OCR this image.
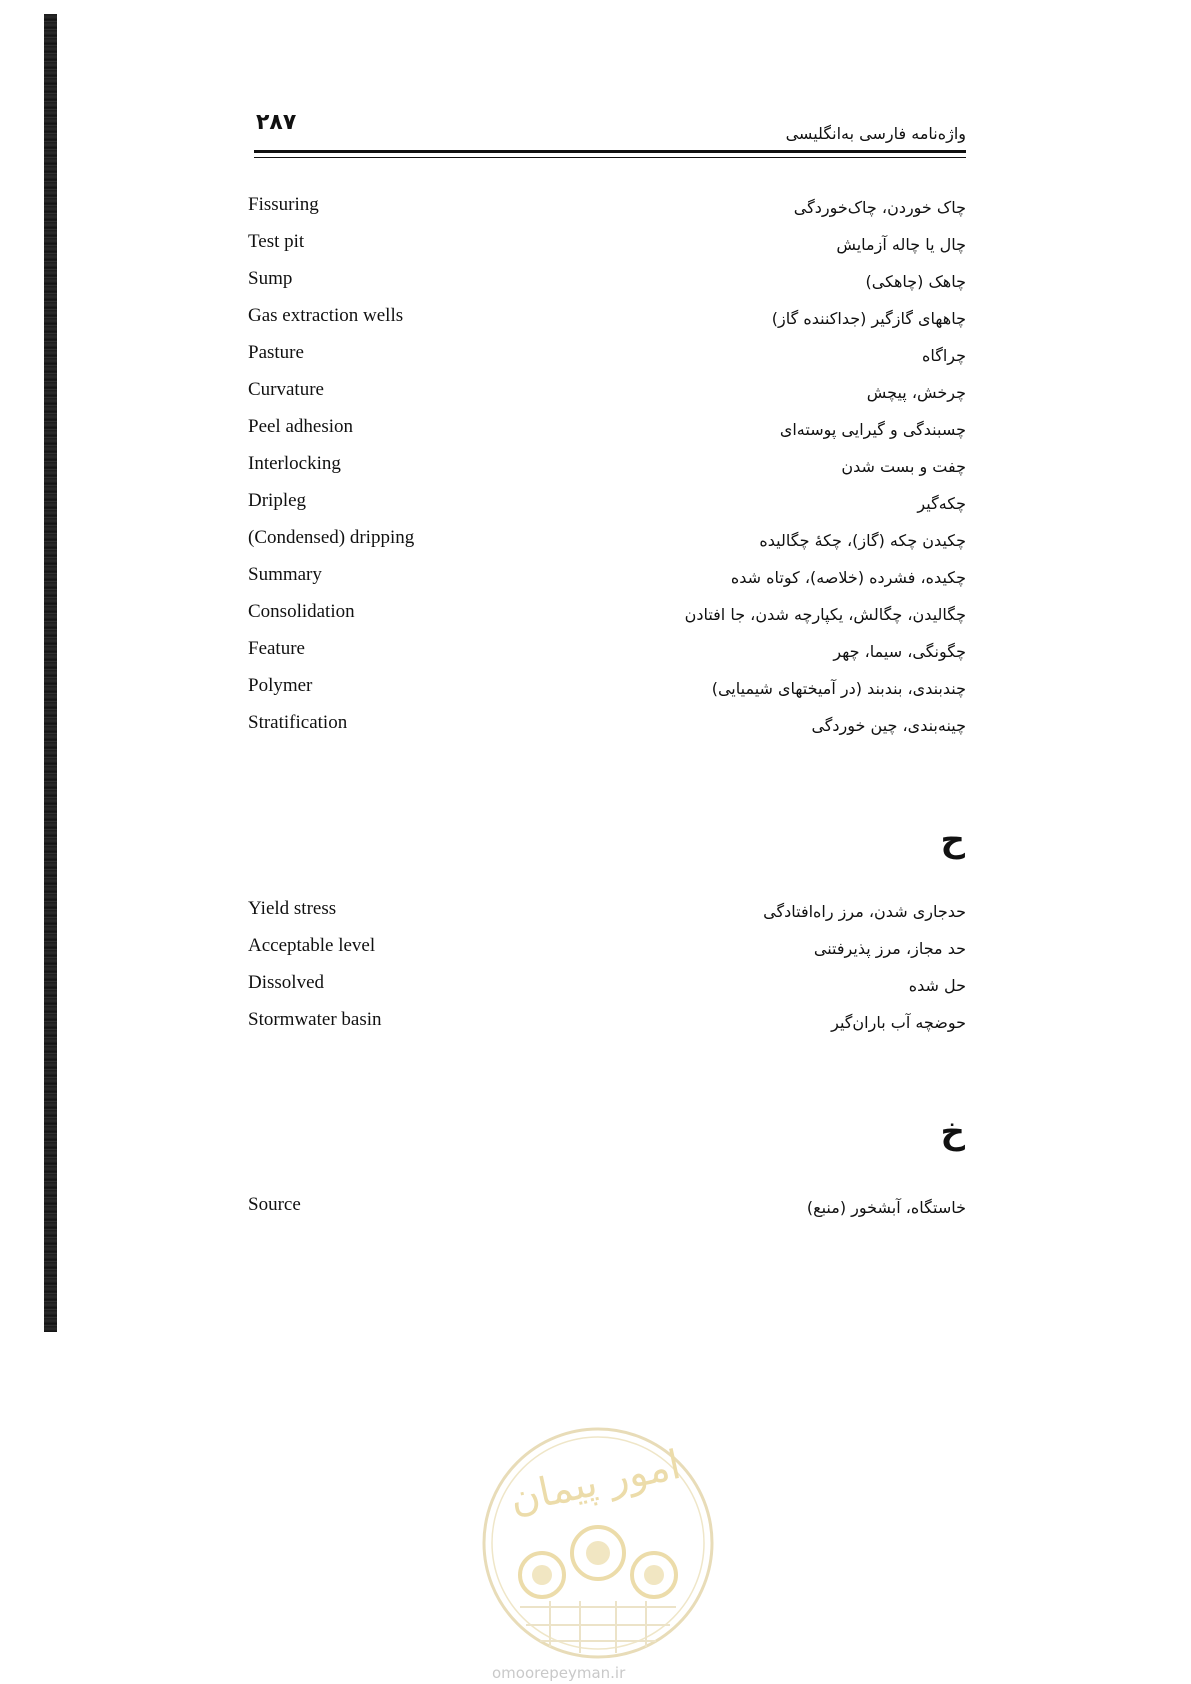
۲۸۷	واژه‌نامه فارسی به‌انگلیسی
Fissuring	چاک خوردن، چاک‌خوردگی
Test pit	چال یا چاله آزمایش
Sump	چاهک (چاهکی)
Gas extraction wells	چاههای گازگیر (جداکننده گاز)
Pasture	چراگاه
Curvature	چرخش، پیچش
Peel adhesion	چسبندگی و گیرایی پوسته‌ای
Interlocking	چفت و بست شدن
Dripleg	چکه‌گیر
(Condensed) dripping	چکیدن چکه (گاز)، چکهٔ چگالیده
Summary	چکیده، فشرده (خلاصه)، کوتاه شده
Consolidation	چگالیدن، چگالش، یکپارچه شدن، جا افتادن
Feature	چگونگی، سیما، چهر
Polymer	چندبندی، بندبند (در آمیختهای شیمیایی)
Stratification	چینه‌بندی، چین خوردگی
ح
Yield stress	حدجاری شدن، مرز راه‌افتادگی
Acceptable level	حد مجاز، مرز پذیرفتنی
Dissolved	حل شده
Stormwater basin	حوضچه آب باران‌گیر
خ
Source	خاستگاه، آبشخور (منبع)
امور پیمان
omoorepeyman.ir
